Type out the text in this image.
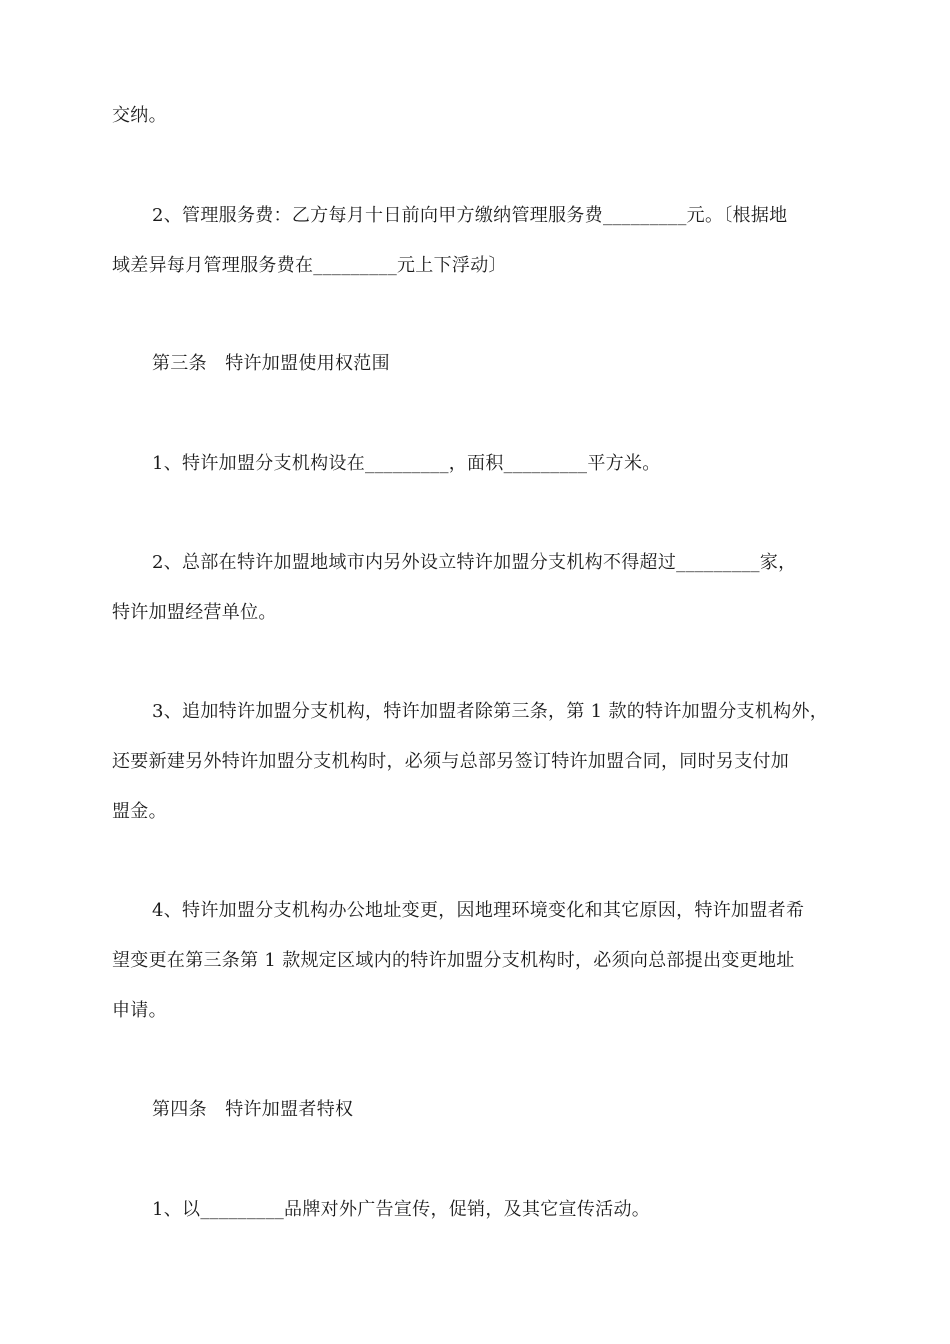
交纳。
2、管理服务费：乙方每月十日前向甲方缴纳管理服务费_________元。〔根据地
域差异每月管理服务费在_________元上下浮动〕
第三条　特许加盟使用权范围
1、特许加盟分支机构设在_________，面积_________平方米。
2、总部在特许加盟地域市内另外设立特许加盟分支机构不得超过_________家，
特许加盟经营单位。
3、追加特许加盟分支机构，特许加盟者除第三条，第 1 款的特许加盟分支机构外，
还要新建另外特许加盟分支机构时，必须与总部另签订特许加盟合同，同时另支付加
盟金。
4、特许加盟分支机构办公地址变更，因地理环境变化和其它原因，特许加盟者希
望变更在第三条第 1 款规定区域内的特许加盟分支机构时，必须向总部提出变更地址
申请。
第四条　特许加盟者特权
1、以_________品牌对外广告宣传，促销，及其它宣传活动。
